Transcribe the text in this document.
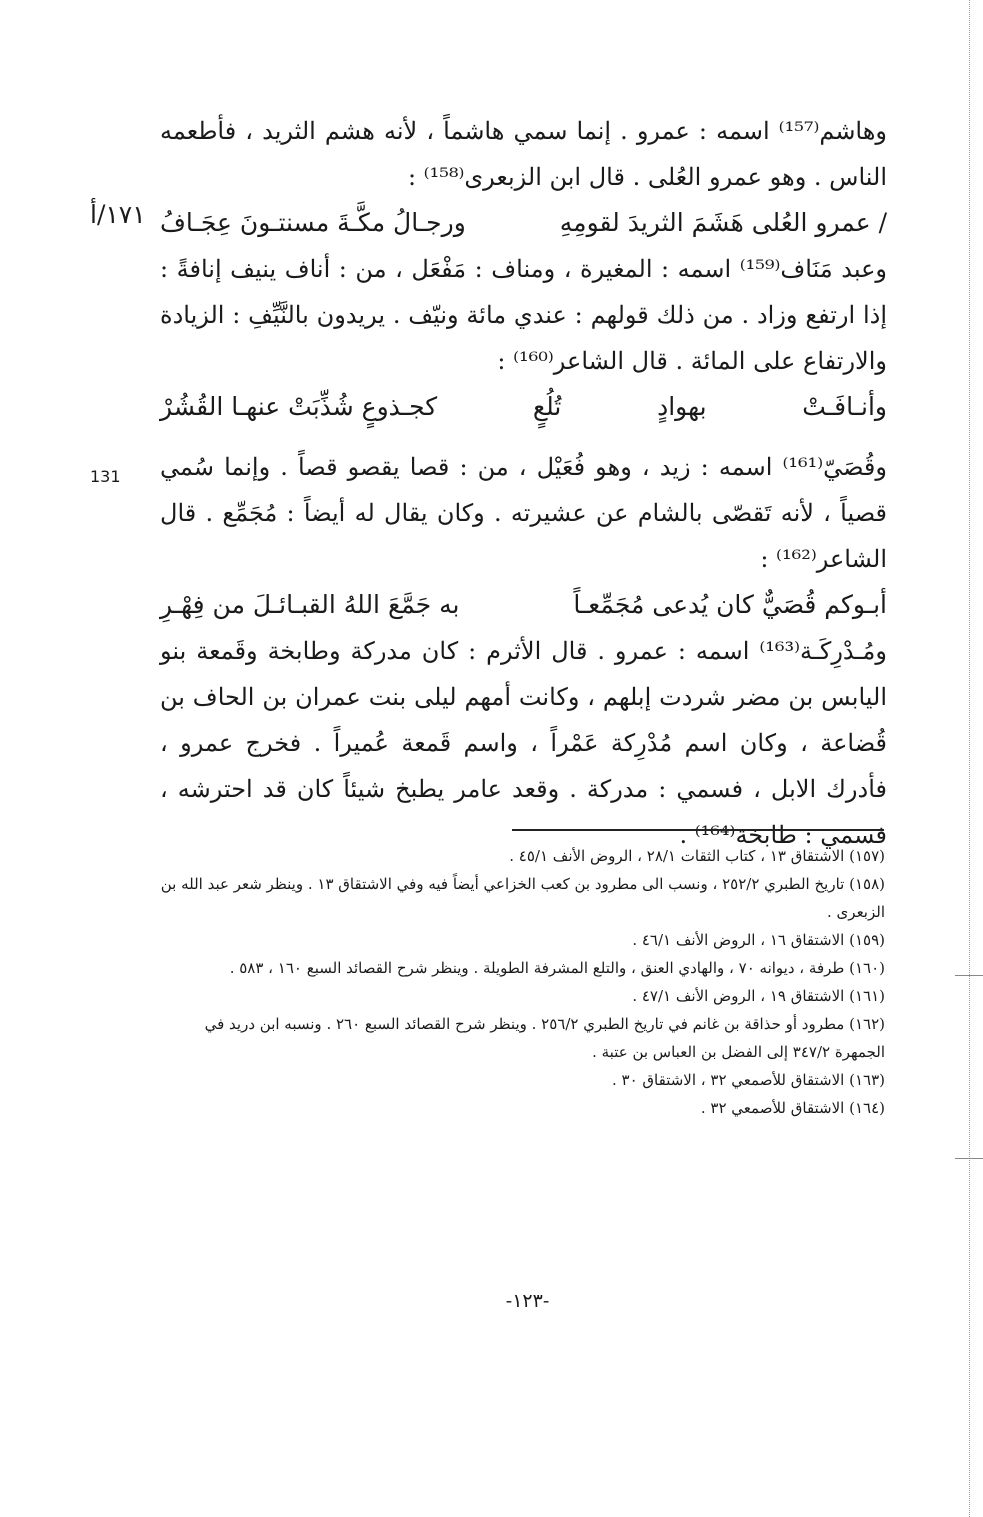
١٧١/أ
131

وهاشم⁽¹⁵⁷⁾ اسمه : عمرو . إنما سمي هاشماً ، لأنه هشم الثريد ، فأطعمه الناس . وهو عمرو العُلى . قال ابن الزبعرى⁽¹⁵⁸⁾ :

/ عمرو العُلى هَشَمَ الثريدَ لقومِهِ
ورجـالُ مكَّـةَ مسنتـونَ عِجَـافُ

وعبد مَنَاف⁽¹⁵⁹⁾ اسمه : المغيرة ، ومناف : مَفْعَل ، من : أناف ينيف إنافةً : إذا ارتفع وزاد . من ذلك قولهم : عندي مائة ونيّف . يريدون بالنَّيِّفِ : الزيادة والارتفاع على المائة . قال الشاعر⁽¹⁶⁰⁾ :

وأنـافَـتْ
بهوادٍ
تُلُعٍ
كجـذوعٍ شُذِّبَتْ عنهـا القُشُرْ

وقُصَيّ⁽¹⁶¹⁾ اسمه : زيد ، وهو فُعَيْل ، من : قصا يقصو قصاً . وإنما سُمي قصياً ، لأنه تَقصّى بالشام عن عشيرته . وكان يقال له أيضاً : مُجَمِّع . قال الشاعر⁽¹⁶²⁾ :

أبـوكم قُصَيٌّ كان يُدعى مُجَمِّعـاً
به جَمَّعَ اللهُ القبـائـلَ من فِهْـرِ

ومُـدْرِكَـة⁽¹⁶³⁾ اسمه : عمرو . قال الأثرم : كان مدركة وطابخة وقَمعة بنو اليابس بن مضر شردت إبلهم ، وكانت أمهم ليلى بنت عمران بن الحاف بن قُضاعة ، وكان اسم مُدْرِكة عَمْراً ، واسم قَمعة عُميراً . فخرج عمرو ، فأدرك الابل ، فسمي : مدركة . وقعد عامر يطبخ شيئاً كان قد احترشه ، فسمي : طابخة⁽¹⁶⁴⁾ .

(١٥٧) الاشتقاق ١٣ ، كتاب الثقات ٢٨/١ ، الروض الأنف ٤٥/١ .
(١٥٨) تاريخ الطبري ٢٥٢/٢ ، ونسب الى مطرود بن كعب الخزاعي أيضاً فيه وفي الاشتقاق ١٣ . وينظر شعر عبد الله بن الزبعرى .
(١٥٩) الاشتقاق ١٦ ، الروض الأنف ٤٦/١ .
(١٦٠) طرفة ، ديوانه ٧٠ ، والهادي العنق ، والتلع المشرفة الطويلة . وينظر شرح القصائد السبع ١٦٠ ، ٥٨٣ .
(١٦١) الاشتقاق ١٩ ، الروض الأنف ٤٧/١ .
(١٦٢) مطرود أو حذاقة بن غانم في تاريخ الطبري ٢٥٦/٢ . وينظر شرح القصائد السبع ٢٦٠ . ونسبه ابن دريد في الجمهرة ٣٤٧/٢ إلى الفضل بن العباس بن عتبة .
(١٦٣) الاشتقاق للأصمعي ٣٢ ، الاشتقاق ٣٠ .
(١٦٤) الاشتقاق للأصمعي ٣٢ .
-١٢٣-
